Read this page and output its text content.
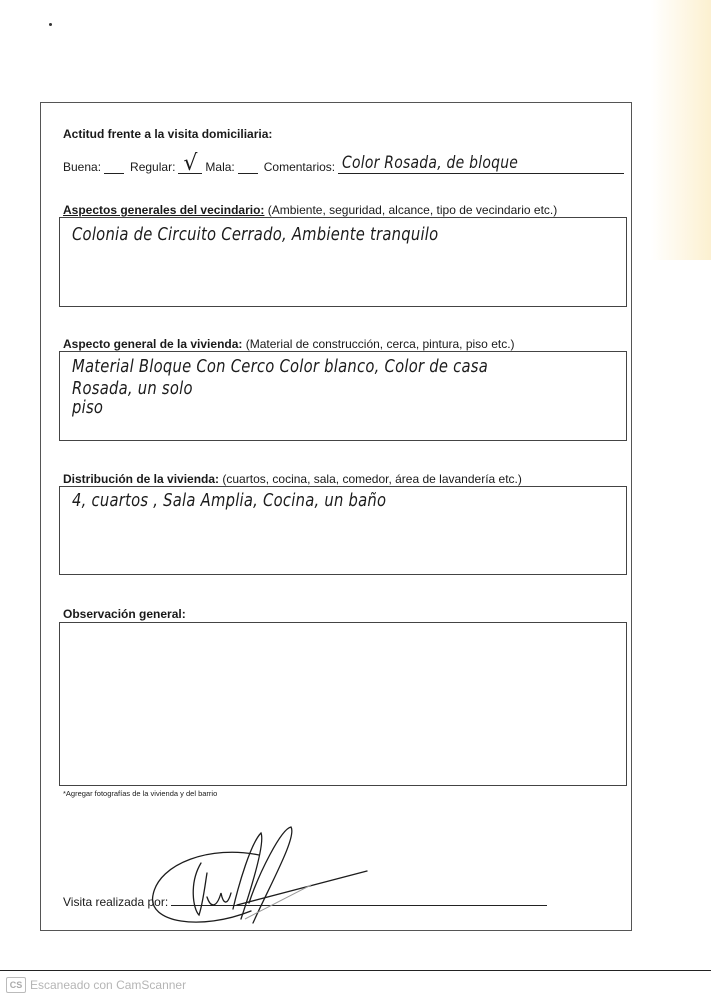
Actitud frente a la visita domiciliaria:
Buena: Regular: √ Mala: Comentarios: Color Rosada, de bloque
Aspectos generales del vecindario: (Ambiente, seguridad, alcance, tipo de vecindario etc.)
Colonia de Circuito Cerrado, Ambiente tranquilo
Aspecto general de la vivienda: (Material de construcción, cerca, pintura, piso etc.)
Material Bloque Con Cerco Color blanco, Color de casa Rosada, un solo
piso
Distribución de la vivienda: (cuartos, cocina, sala, comedor, área de lavandería etc.)
4, cuartos , Sala Amplia, Cocina, un baño
Observación general:
*Agregar fotografías de la vivienda y del barrio
Visita realizada por:
CS Escaneado con CamScanner
